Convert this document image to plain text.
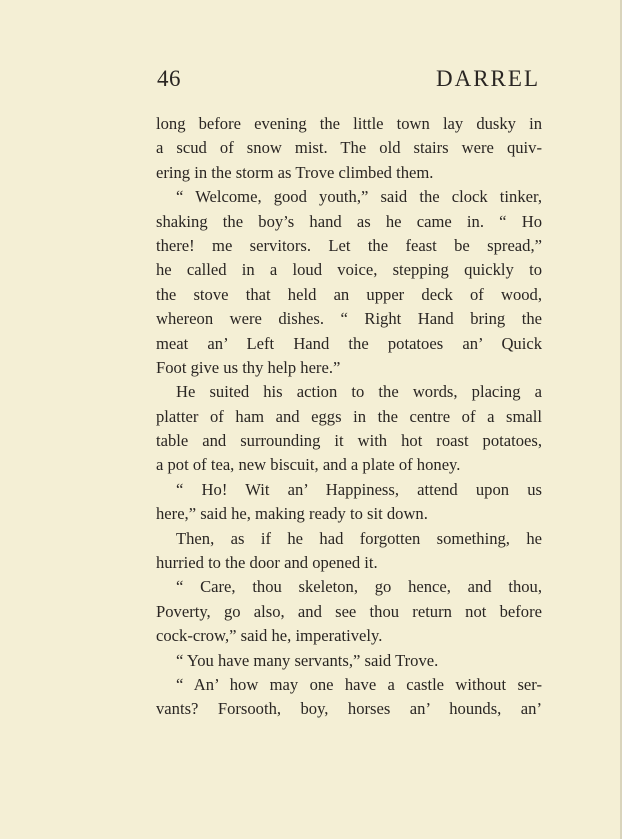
46	DARREL
long before evening the little town lay dusky in
a scud of snow mist. The old stairs were quiv-
ering in the storm as Trove climbed them.
“ Welcome, good youth,” said the clock tinker,
shaking the boy’s hand as he came in. “ Ho
there! me servitors. Let the feast be spread,”
he called in a loud voice, stepping quickly to
the stove that held an upper deck of wood,
whereon were dishes. “ Right Hand bring the
meat an’ Left Hand the potatoes an’ Quick
Foot give us thy help here.”
He suited his action to the words, placing a
platter of ham and eggs in the centre of a small
table and surrounding it with hot roast potatoes,
a pot of tea, new biscuit, and a plate of honey.
“ Ho! Wit an’ Happiness, attend upon us
here,” said he, making ready to sit down.
Then, as if he had forgotten something, he
hurried to the door and opened it.
“ Care, thou skeleton, go hence, and thou,
Poverty, go also, and see thou return not before
cock-crow,” said he, imperatively.
“ You have many servants,” said Trove.
“ An’ how may one have a castle without ser-
vants? Forsooth, boy, horses an’ hounds, an’
